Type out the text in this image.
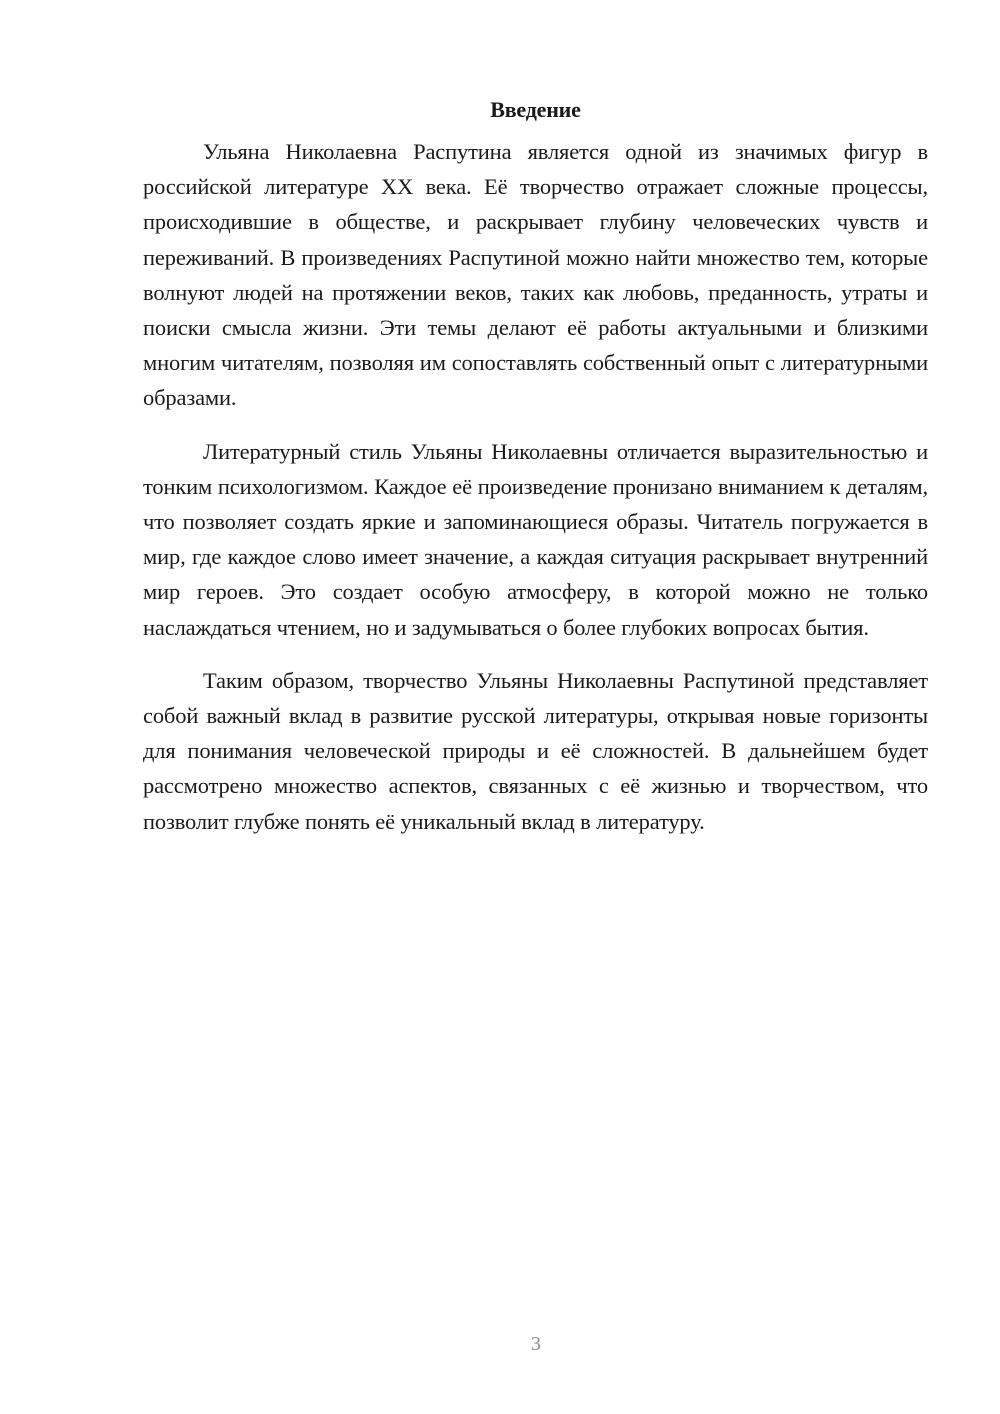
Введение

Ульяна Николаевна Распутина является одной из значимых фигур в российской литературе XX века. Её творчество отражает сложные процессы, происходившие в обществе, и раскрывает глубину человеческих чувств и переживаний. В произведениях Распутиной можно найти множество тем, которые волнуют людей на протяжении веков, таких как любовь, преданность, утраты и поиски смысла жизни. Эти темы делают её работы актуальными и близкими многим читателям, позволяя им сопоставлять собственный опыт с литературными образами.

Литературный стиль Ульяны Николаевны отличается выразительностью и тонким психологизмом. Каждое её произведение пронизано вниманием к деталям, что позволяет создать яркие и запоминающиеся образы. Читатель погружается в мир, где каждое слово имеет значение, а каждая ситуация раскрывает внутренний мир героев. Это создает особую атмосферу, в которой можно не только наслаждаться чтением, но и задумываться о более глубоких вопросах бытия.

Таким образом, творчество Ульяны Николаевны Распутиной представляет собой важный вклад в развитие русской литературы, открывая новые горизонты для понимания человеческой природы и её сложностей. В дальнейшем будет рассмотрено множество аспектов, связанных с её жизнью и творчеством, что позволит глубже понять её уникальный вклад в литературу.

3
